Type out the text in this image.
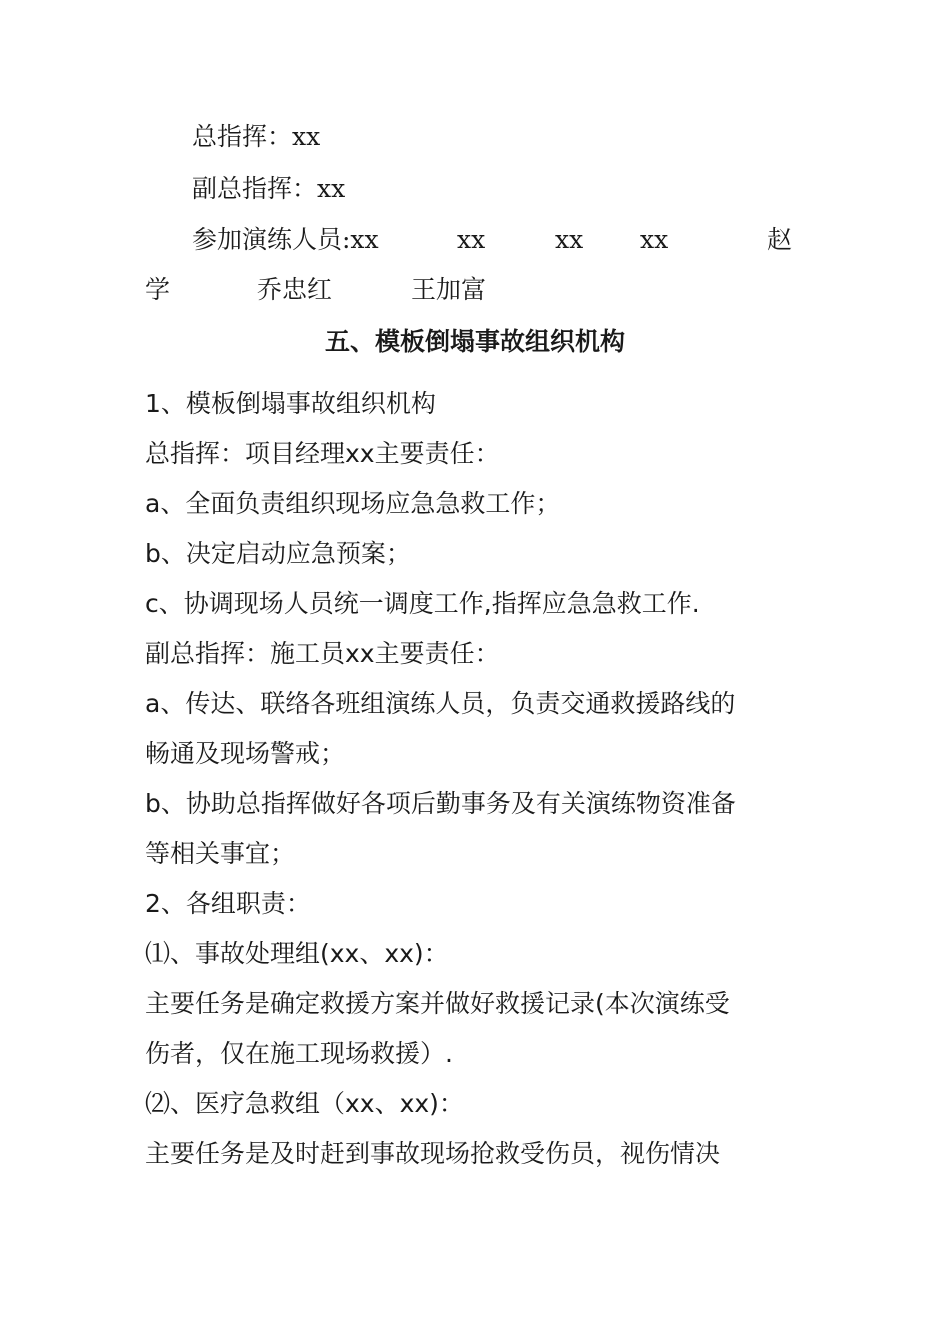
总指挥：xx
副总指挥：xx
参加演练人员:xx	xx	xx xx	赵
学	乔忠红	王加富
五、模板倒塌事故组织机构
1、模板倒塌事故组织机构
总指挥：项目经理xx主要责任：
a、全面负责组织现场应急急救工作；
b、决定启动应急预案；
c、协调现场人员统一调度工作,指挥应急急救工作.
副总指挥：施工员xx主要责任：
a、传达、联络各班组演练人员，负责交通救援路线的
畅通及现场警戒；
b、协助总指挥做好各项后勤事务及有关演练物资准备
等相关事宜；
2、各组职责：
⑴、事故处理组(xx、xx)：
主要任务是确定救援方案并做好救援记录(本次演练受
伤者，仅在施工现场救援）.
⑵、医疗急救组（xx、xx)：
主要任务是及时赶到事故现场抢救受伤员，视伤情决
